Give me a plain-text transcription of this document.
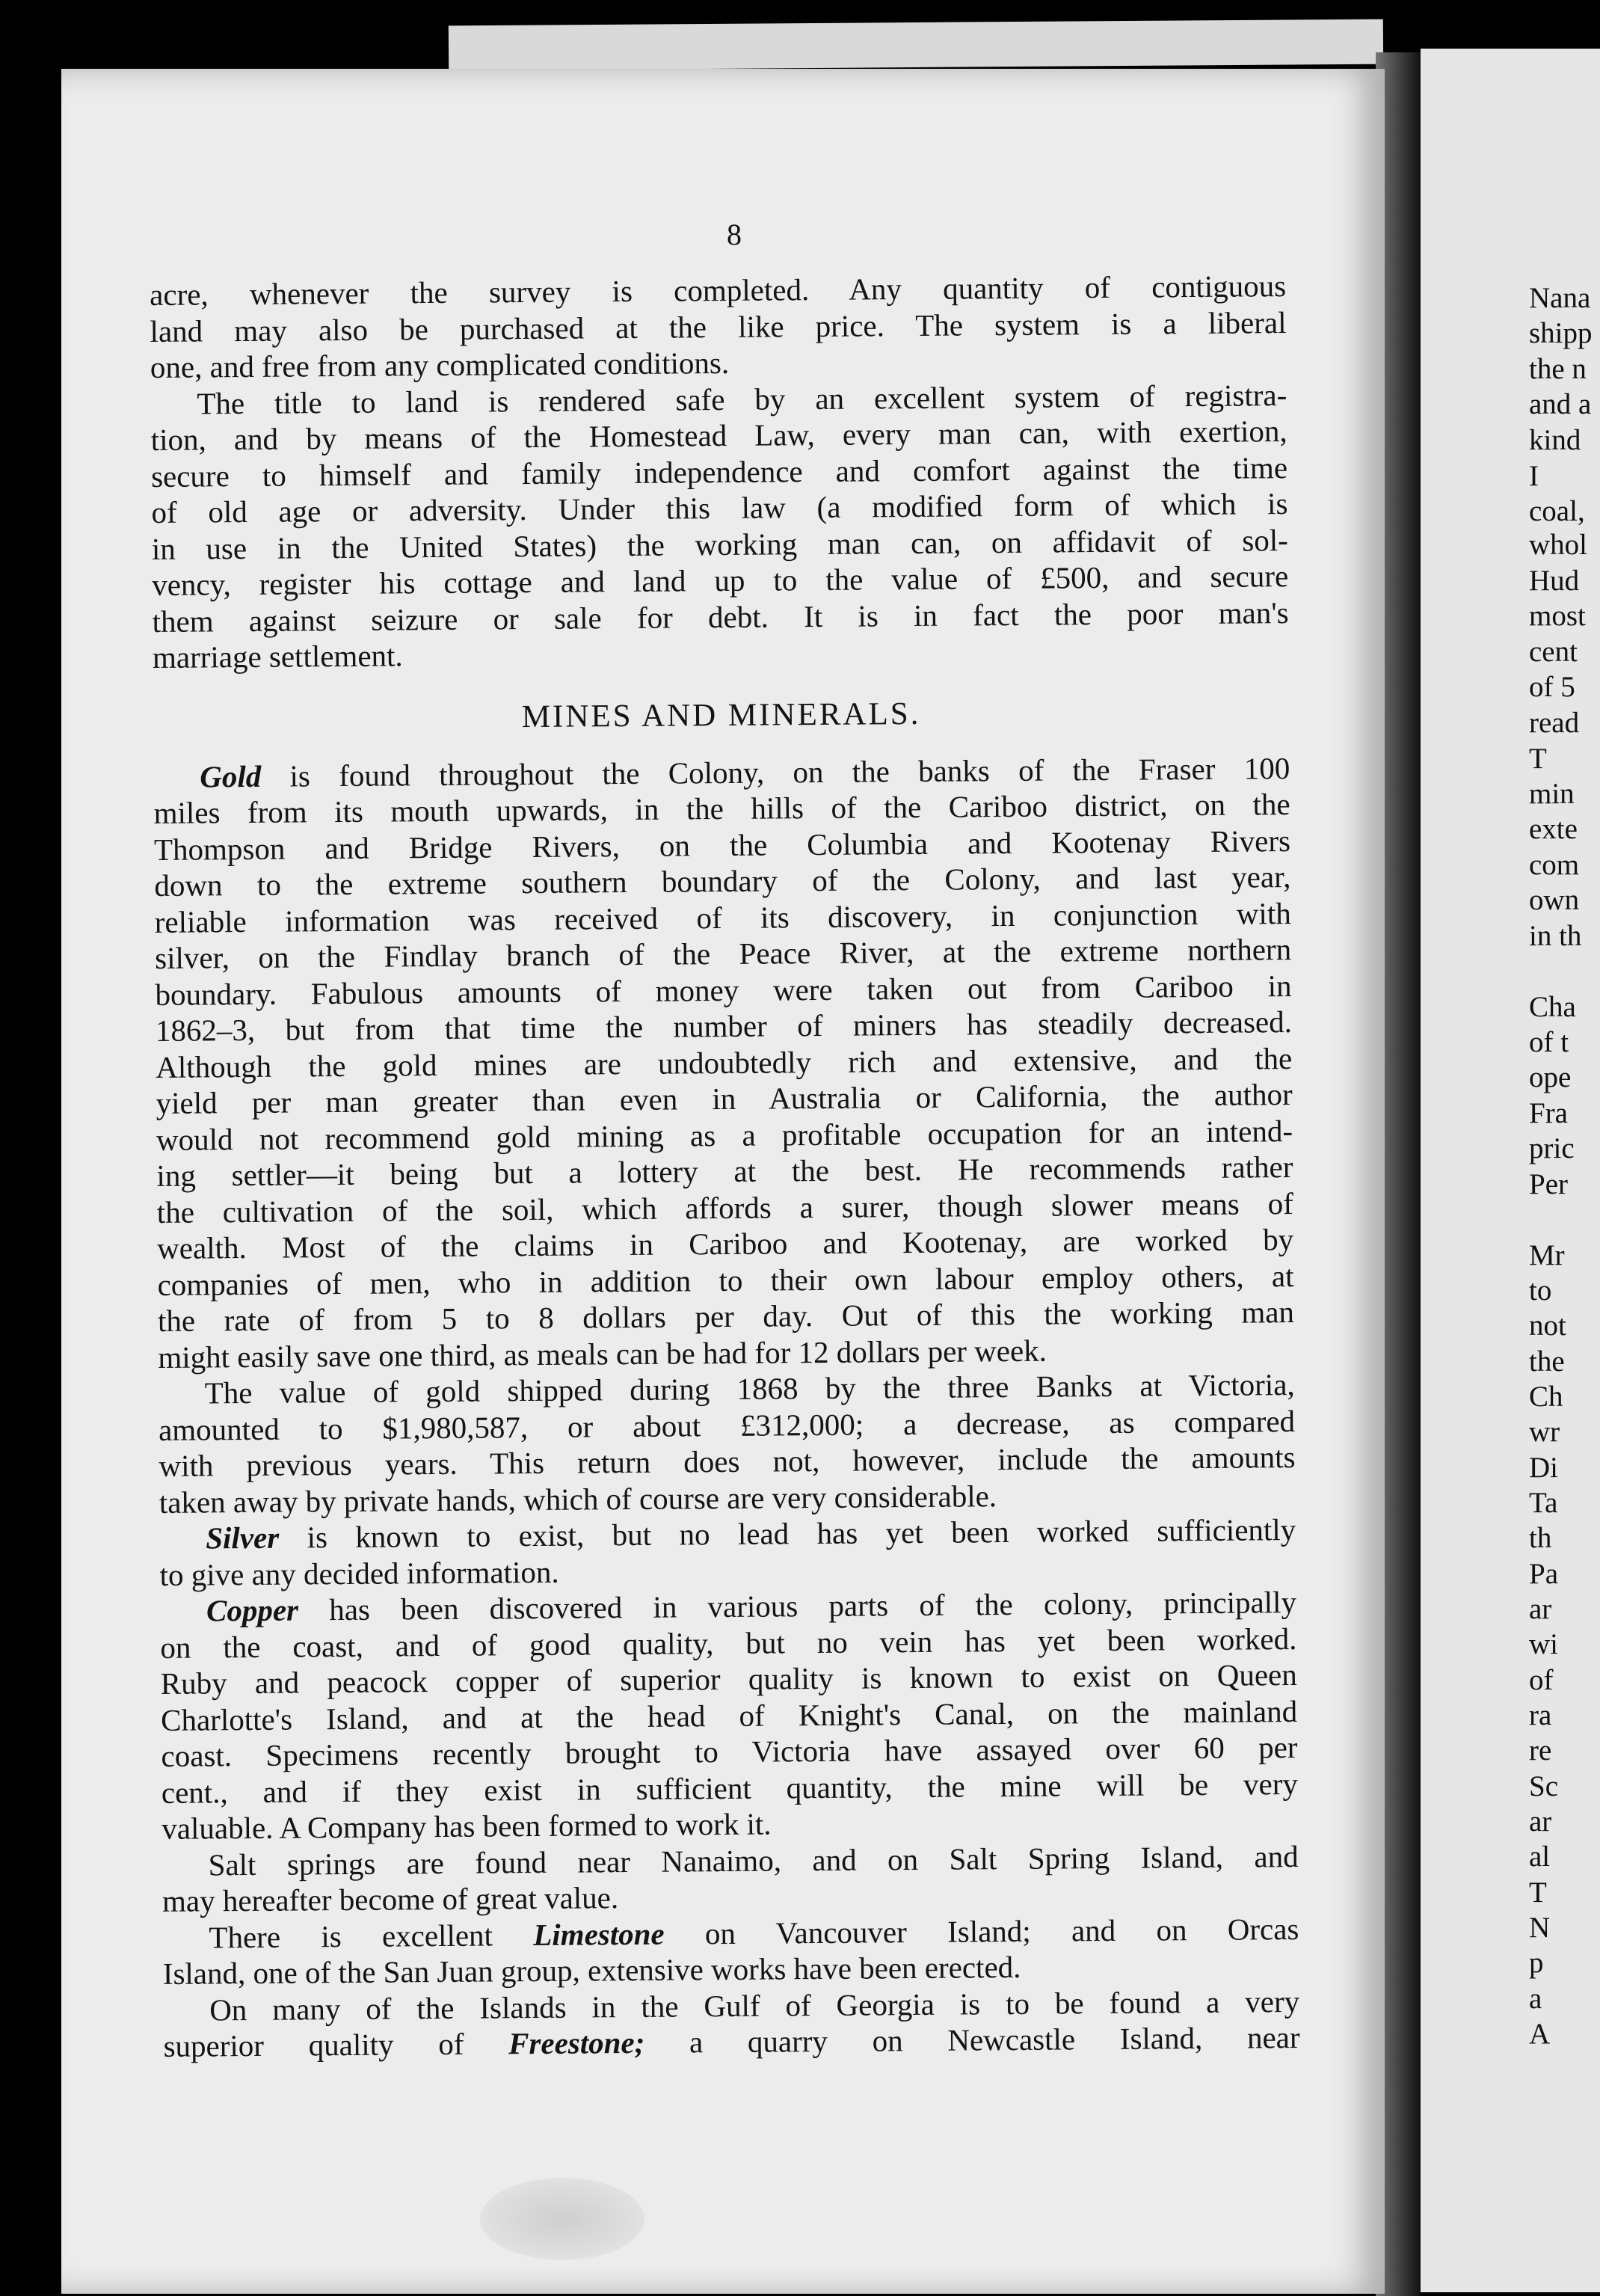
8

acre, whenever the survey is completed. Any quantity of contiguous

land may also be purchased at the like price. The system is a liberal

one, and free from any complicated conditions.

The title to land is rendered safe by an excellent system of registra-

tion, and by means of the Homestead Law, every man can, with exertion,

secure to himself and family independence and comfort against the time

of old age or adversity. Under this law (a modified form of which is

in use in the United States) the working man can, on affidavit of sol-

vency, register his cottage and land up to the value of £500, and secure

them against seizure or sale for debt. It is in fact the poor man's

marriage settlement.

MINES AND MINERALS.

Gold is found throughout the Colony, on the banks of the Fraser 100

miles from its mouth upwards, in the hills of the Cariboo district, on the

Thompson and Bridge Rivers, on the Columbia and Kootenay Rivers

down to the extreme southern boundary of the Colony, and last year,

reliable information was received of its discovery, in conjunction with

silver, on the Findlay branch of the Peace River, at the extreme northern

boundary. Fabulous amounts of money were taken out from Cariboo in

1862–3, but from that time the number of miners has steadily decreased.

Although the gold mines are undoubtedly rich and extensive, and the

yield per man greater than even in Australia or California, the author

would not recommend gold mining as a profitable occupation for an intend-

ing settler—it being but a lottery at the best. He recommends rather

the cultivation of the soil, which affords a surer, though slower means of

wealth. Most of the claims in Cariboo and Kootenay, are worked by

companies of men, who in addition to their own labour employ others, at

the rate of from 5 to 8 dollars per day. Out of this the working man

might easily save one third, as meals can be had for 12 dollars per week.

The value of gold shipped during 1868 by the three Banks at Victoria,

amounted to $1,980,587, or about £312,000; a decrease, as compared

with previous years. This return does not, however, include the amounts

taken away by private hands, which of course are very considerable.

Silver is known to exist, but no lead has yet been worked sufficiently

to give any decided information.

Copper has been discovered in various parts of the colony, principally

on the coast, and of good quality, but no vein has yet been worked.

Ruby and peacock copper of superior quality is known to exist on Queen

Charlotte's Island, and at the head of Knight's Canal, on the mainland

coast. Specimens recently brought to Victoria have assayed over 60 per

cent., and if they exist in sufficient quantity, the mine will be very

valuable. A Company has been formed to work it.

Salt springs are found near Nanaimo, and on Salt Spring Island, and

may hereafter become of great value.

There is excellent Limestone on Vancouver Island; and on Orcas

Island, one of the San Juan group, extensive works have been erected.

On many of the Islands in the Gulf of Georgia is to be found a very

superior quality of Freestone; a quarry on Newcastle Island, near

Nana

shipp

the n

and a

kind

I

coal,

whol

Hud

most

cent

of 5

read

T

min

exte

com

own

in th

Cha

of t

ope

Fra

pric

Per

Mr

to

not

the

Ch

wr

Di

Ta

th

Pa

ar

wi

of

ra

re

Sc

ar

al

T

N

p

a

A
